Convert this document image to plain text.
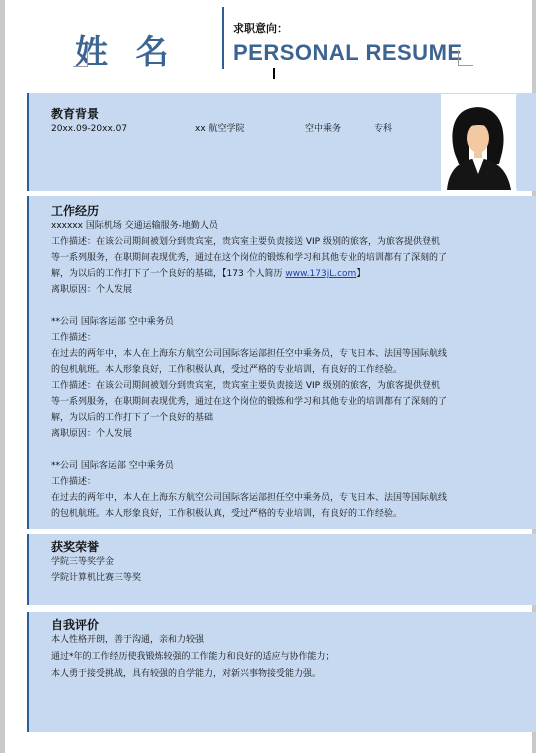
姓 名
求职意向：
PERSONAL RESUME
教育背景
20xx.09-20xx.07	xx 航空学院	空中乘务	专科
工作经历
xxxxxx 国际机场 交通运输服务-地勤人员
工作描述：在该公司期间被划分到贵宾室，贵宾室主要负责接送 VIP 级别的旅客，为旅客提供登机
等一系列服务，在职期间表现优秀，通过在这个岗位的锻炼和学习和其他专业的培训都有了深刻的了
解，为以后的工作打下了一个良好的基础，【173 个人简历 www.173jL.com】
离职原因：个人发展
**公司 国际客运部 空中乘务员
工作描述：
在过去的两年中，本人在上海东方航空公司国际客运部担任空中乘务员，专飞日本、法国等国际航线
的包机航班。本人形象良好，工作积极认真，受过严格的专业培训，有良好的工作经验。
工作描述：在该公司期间被划分到贵宾室，贵宾室主要负责接送 VIP 级别的旅客，为旅客提供登机
等一系列服务，在职期间表现优秀，通过在这个岗位的锻炼和学习和其他专业的培训都有了深刻的了
解，为以后的工作打下了一个良好的基础
离职原因：个人发展
**公司 国际客运部 空中乘务员
工作描述：
在过去的两年中，本人在上海东方航空公司国际客运部担任空中乘务员，专飞日本、法国等国际航线
的包机航班。本人形象良好，工作积极认真，受过严格的专业培训，有良好的工作经验。
获奖荣誉
学院三等奖学金
学院计算机比赛三等奖
自我评价
本人性格开朗，善于沟通，亲和力较强
通过*年的工作经历使我锻炼较强的工作能力和良好的适应与协作能力；
本人勇于接受挑战，具有较强的自学能力，对新兴事物接受能力强。
